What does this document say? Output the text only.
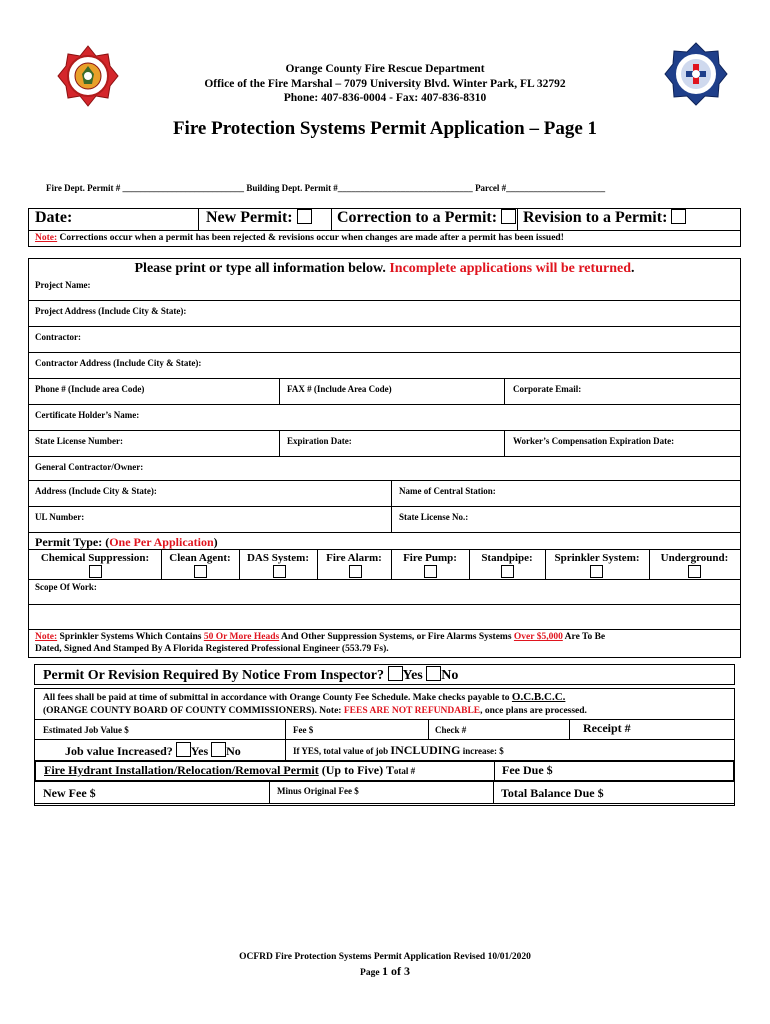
Orange County Fire Rescue Department
Office of the Fire Marshal – 7079 University Blvd. Winter Park, FL 32792
Phone: 407-836-0004 - Fax: 407-836-8310
Fire Protection Systems Permit Application – Page 1
Fire Dept. Permit # ___________________________ Building Dept. Permit #______________________________ Parcel #______________________
Date:	New Permit:	Correction to a Permit:	Revision to a Permit:
Note: Corrections occur when a permit has been rejected & revisions occur when changes are made after a permit has been issued!
Please print or type all information below. Incomplete applications will be returned.
Project Name:
Project Address (Include City & State):
Contractor:
Contractor Address (Include City & State):
Phone # (Include area Code)	FAX # (Include Area Code)	Corporate Email:
Certificate Holder’s Name:
State License Number:	Expiration Date:	Worker’s Compensation Expiration Date:
General Contractor/Owner:
Address (Include City & State):	Name of Central Station:
UL Number:	State License No.:
Permit Type: (One Per Application)
Chemical Suppression:	Clean Agent:	DAS System:	Fire Alarm:	Fire Pump:	Standpipe:	Sprinkler System:	Underground:
Scope Of Work:
Note: Sprinkler Systems Which Contains 50 Or More Heads And Other Suppression Systems, or Fire Alarms Systems Over $5,000 Are To Be
Dated, Signed And Stamped By A Florida Registered Professional Engineer (553.79 Fs).
Permit Or Revision Required By Notice From Inspector? Yes No
All fees shall be paid at time of submittal in accordance with Orange County Fee Schedule. Make checks payable to O.C.B.C.C.
(ORANGE COUNTY BOARD OF COUNTY COMMISSIONERS). Note: FEES ARE NOT REFUNDABLE, once plans are processed.
Estimated Job Value $	Fee $	Check #	Receipt #
Job value Increased? Yes No	If YES, total value of job INCLUDING increase: $
Fire Hydrant Installation/Relocation/Removal Permit (Up to Five) Total #	Fee Due $
New Fee $	Minus Original Fee $	Total Balance Due $
OCFRD Fire Protection Systems Permit Application Revised 10/01/2020
Page 1 of 3
